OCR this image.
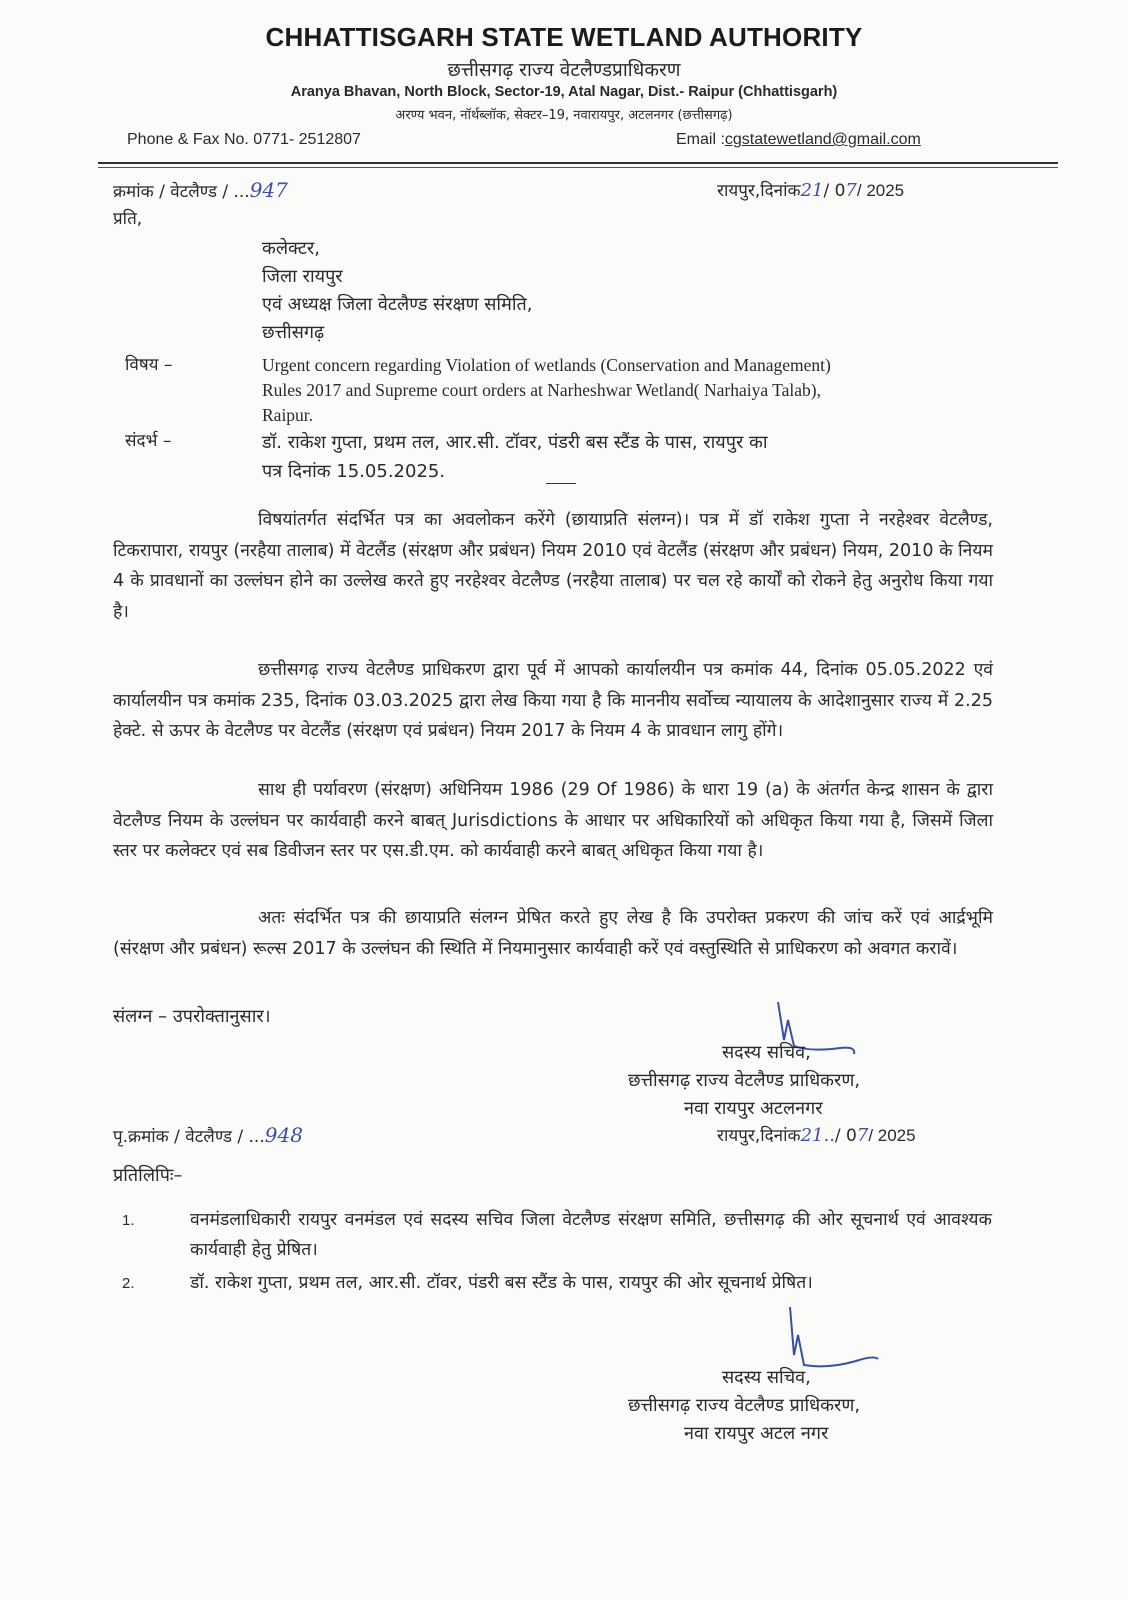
CHHATTISGARH STATE WETLAND AUTHORITY
छत्तीसगढ़ राज्य वेटलैण्डप्राधिकरण
Aranya Bhavan, North Block, Sector-19, Atal Nagar, Dist.- Raipur (Chhattisgarh)
अरण्य भवन, नॉर्थब्लॉक, सेक्टर–19, नवारायपुर, अटलनगर (छत्तीसगढ़)
Phone & Fax No. 0771- 2512807	Email :cgstatewetland@gmail.com
क्रमांक / वेटलैण्ड / ...947	रायपुर,दिनांक21/ 07/ 2025
प्रति,
कलेक्टर,
जिला रायपुर
एवं अध्यक्ष जिला वेटलैण्ड संरक्षण समिति,
छत्तीसगढ़
विषय –	Urgent concern regarding Violation of wetlands (Conservation and Management)
Rules 2017 and Supreme court orders at Narheshwar Wetland( Narhaiya Talab),
Raipur.
संदर्भ –	डॉ. राकेश गुप्ता, प्रथम तल, आर.सी. टॉवर, पंडरी बस स्टैंड के पास, रायपुर का
पत्र दिनांक 15.05.2025.
विषयांतर्गत संदर्भित पत्र का अवलोकन करेंगे (छायाप्रति संलग्न)। पत्र में डॉ राकेश गुप्ता ने नरहेश्वर वेटलैण्ड, टिकरापारा, रायपुर (नरहैया तालाब) में वेटलैंड (संरक्षण और प्रबंधन) नियम 2010 एवं वेटलैंड (संरक्षण और प्रबंधन) नियम, 2010 के नियम 4 के प्रावधानों का उल्लंघन होने का उल्लेख करते हुए नरहेश्वर वेटलैण्ड (नरहैया तालाब) पर चल रहे कार्यों को रोकने हेतु अनुरोध किया गया है।
छत्तीसगढ़ राज्य वेटलैण्ड प्राधिकरण द्वारा पूर्व में आपको कार्यालयीन पत्र कमांक 44, दिनांक 05.05.2022 एवं कार्यालयीन पत्र कमांक 235, दिनांक 03.03.2025 द्वारा लेख किया गया है कि माननीय सर्वोच्च न्यायालय के आदेशानुसार राज्य में 2.25 हेक्टे. से ऊपर के वेटलैण्ड पर वेटलैंड (संरक्षण एवं प्रबंधन) नियम 2017 के नियम 4 के प्रावधान लागु होंगे।
साथ ही पर्यावरण (संरक्षण) अधिनियम 1986 (29 Of 1986) के धारा 19 (a) के अंतर्गत केन्द्र शासन के द्वारा वेटलैण्ड नियम के उल्लंघन पर कार्यवाही करने बाबत् Jurisdictions के आधार पर अधिकारियों को अधिकृत किया गया है, जिसमें जिला स्तर पर कलेक्टर एवं सब डिवीजन स्तर पर एस.डी.एम. को कार्यवाही करने बाबत् अधिकृत किया गया है।
अतः संदर्भित पत्र की छायाप्रति संलग्न प्रेषित करते हुए लेख है कि उपरोक्त प्रकरण की जांच करें एवं आर्द्रभूमि (संरक्षण और प्रबंधन) रूल्स 2017 के उल्लंघन की स्थिति में नियमानुसार कार्यवाही करें एवं वस्तुस्थिति से प्राधिकरण को अवगत करावें।
संलग्न – उपरोक्तानुसार।
सदस्य सचिव,
छत्तीसगढ़ राज्य वेटलैण्ड प्राधिकरण,
नवा रायपुर अटलनगर
पृ.क्रमांक / वेटलैण्ड / ...948	रायपुर,दिनांक21../ 07/ 2025
प्रतिलिपिः–
1.	वनमंडलाधिकारी रायपुर वनमंडल एवं सदस्य सचिव जिला वेटलैण्ड संरक्षण समिति, छत्तीसगढ़ की ओर सूचनार्थ एवं आवश्यक कार्यवाही हेतु प्रेषित।
2.	डॉ. राकेश गुप्ता, प्रथम तल, आर.सी. टॉवर, पंडरी बस स्टैंड के पास, रायपुर की ओर सूचनार्थ प्रेषित।
सदस्य सचिव,
छत्तीसगढ़ राज्य वेटलैण्ड प्राधिकरण,
नवा रायपुर अटल नगर
